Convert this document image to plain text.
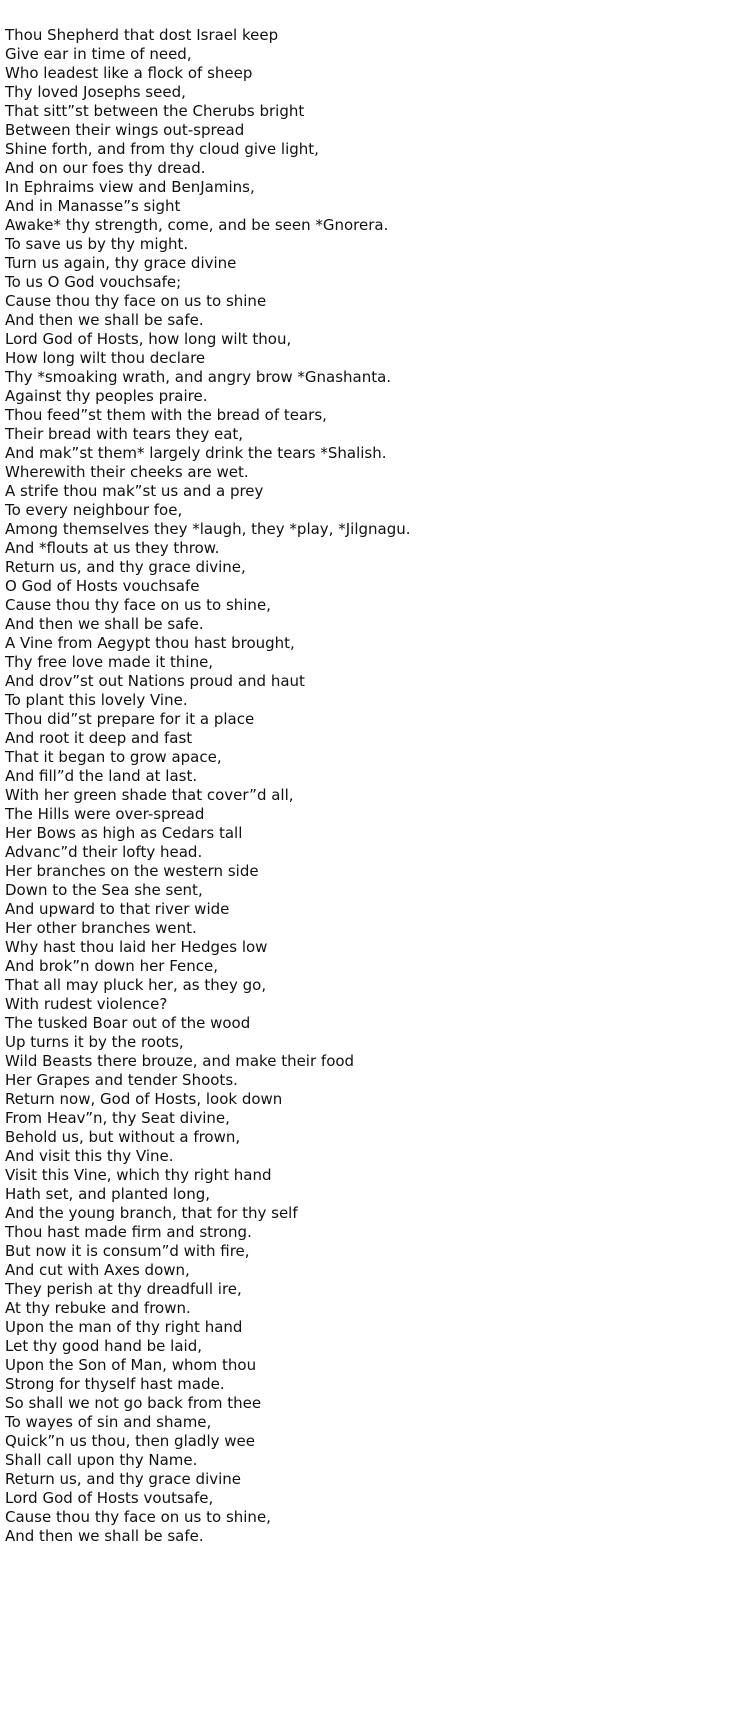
Thou Shepherd that dost Israel keep
Give ear in time of need,
Who leadest like a flock of sheep
Thy loved Josephs seed,
That sitt”st between the Cherubs bright
Between their wings out-spread
Shine forth, and from thy cloud give light,
And on our foes thy dread.
In Ephraims view and BenJamins,
And in Manasse”s sight
Awake* thy strength, come, and be seen *Gnorera.
To save us by thy might.
Turn us again, thy grace divine
To us O God vouchsafe;
Cause thou thy face on us to shine
And then we shall be safe.
Lord God of Hosts, how long wilt thou,
How long wilt thou declare
Thy *smoaking wrath, and angry brow *Gnashanta.
Against thy peoples praire.
Thou feed”st them with the bread of tears,
Their bread with tears they eat,
And mak”st them* largely drink the tears *Shalish.
Wherewith their cheeks are wet.
A strife thou mak”st us and a prey
To every neighbour foe,
Among themselves they *laugh, they *play, *Jilgnagu.
And *flouts at us they throw.
Return us, and thy grace divine,
O God of Hosts vouchsafe
Cause thou thy face on us to shine,
And then we shall be safe.
A Vine from Aegypt thou hast brought,
Thy free love made it thine,
And drov”st out Nations proud and haut
To plant this lovely Vine.
Thou did”st prepare for it a place
And root it deep and fast
That it began to grow apace,
And fill”d the land at last.
With her green shade that cover”d all,
The Hills were over-spread
Her Bows as high as Cedars tall
Advanc”d their lofty head.
Her branches on the western side
Down to the Sea she sent,
And upward to that river wide
Her other branches went.
Why hast thou laid her Hedges low
And brok”n down her Fence,
That all may pluck her, as they go,
With rudest violence?
The tusked Boar out of the wood
Up turns it by the roots,
Wild Beasts there brouze, and make their food
Her Grapes and tender Shoots.
Return now, God of Hosts, look down
From Heav”n, thy Seat divine,
Behold us, but without a frown,
And visit this thy Vine.
Visit this Vine, which thy right hand
Hath set, and planted long,
And the young branch, that for thy self
Thou hast made firm and strong.
But now it is consum”d with fire,
And cut with Axes down,
They perish at thy dreadfull ire,
At thy rebuke and frown.
Upon the man of thy right hand
Let thy good hand be laid,
Upon the Son of Man, whom thou
Strong for thyself hast made.
So shall we not go back from thee
To wayes of sin and shame,
Quick”n us thou, then gladly wee
Shall call upon thy Name.
Return us, and thy grace divine
Lord God of Hosts voutsafe,
Cause thou thy face on us to shine,
And then we shall be safe.
